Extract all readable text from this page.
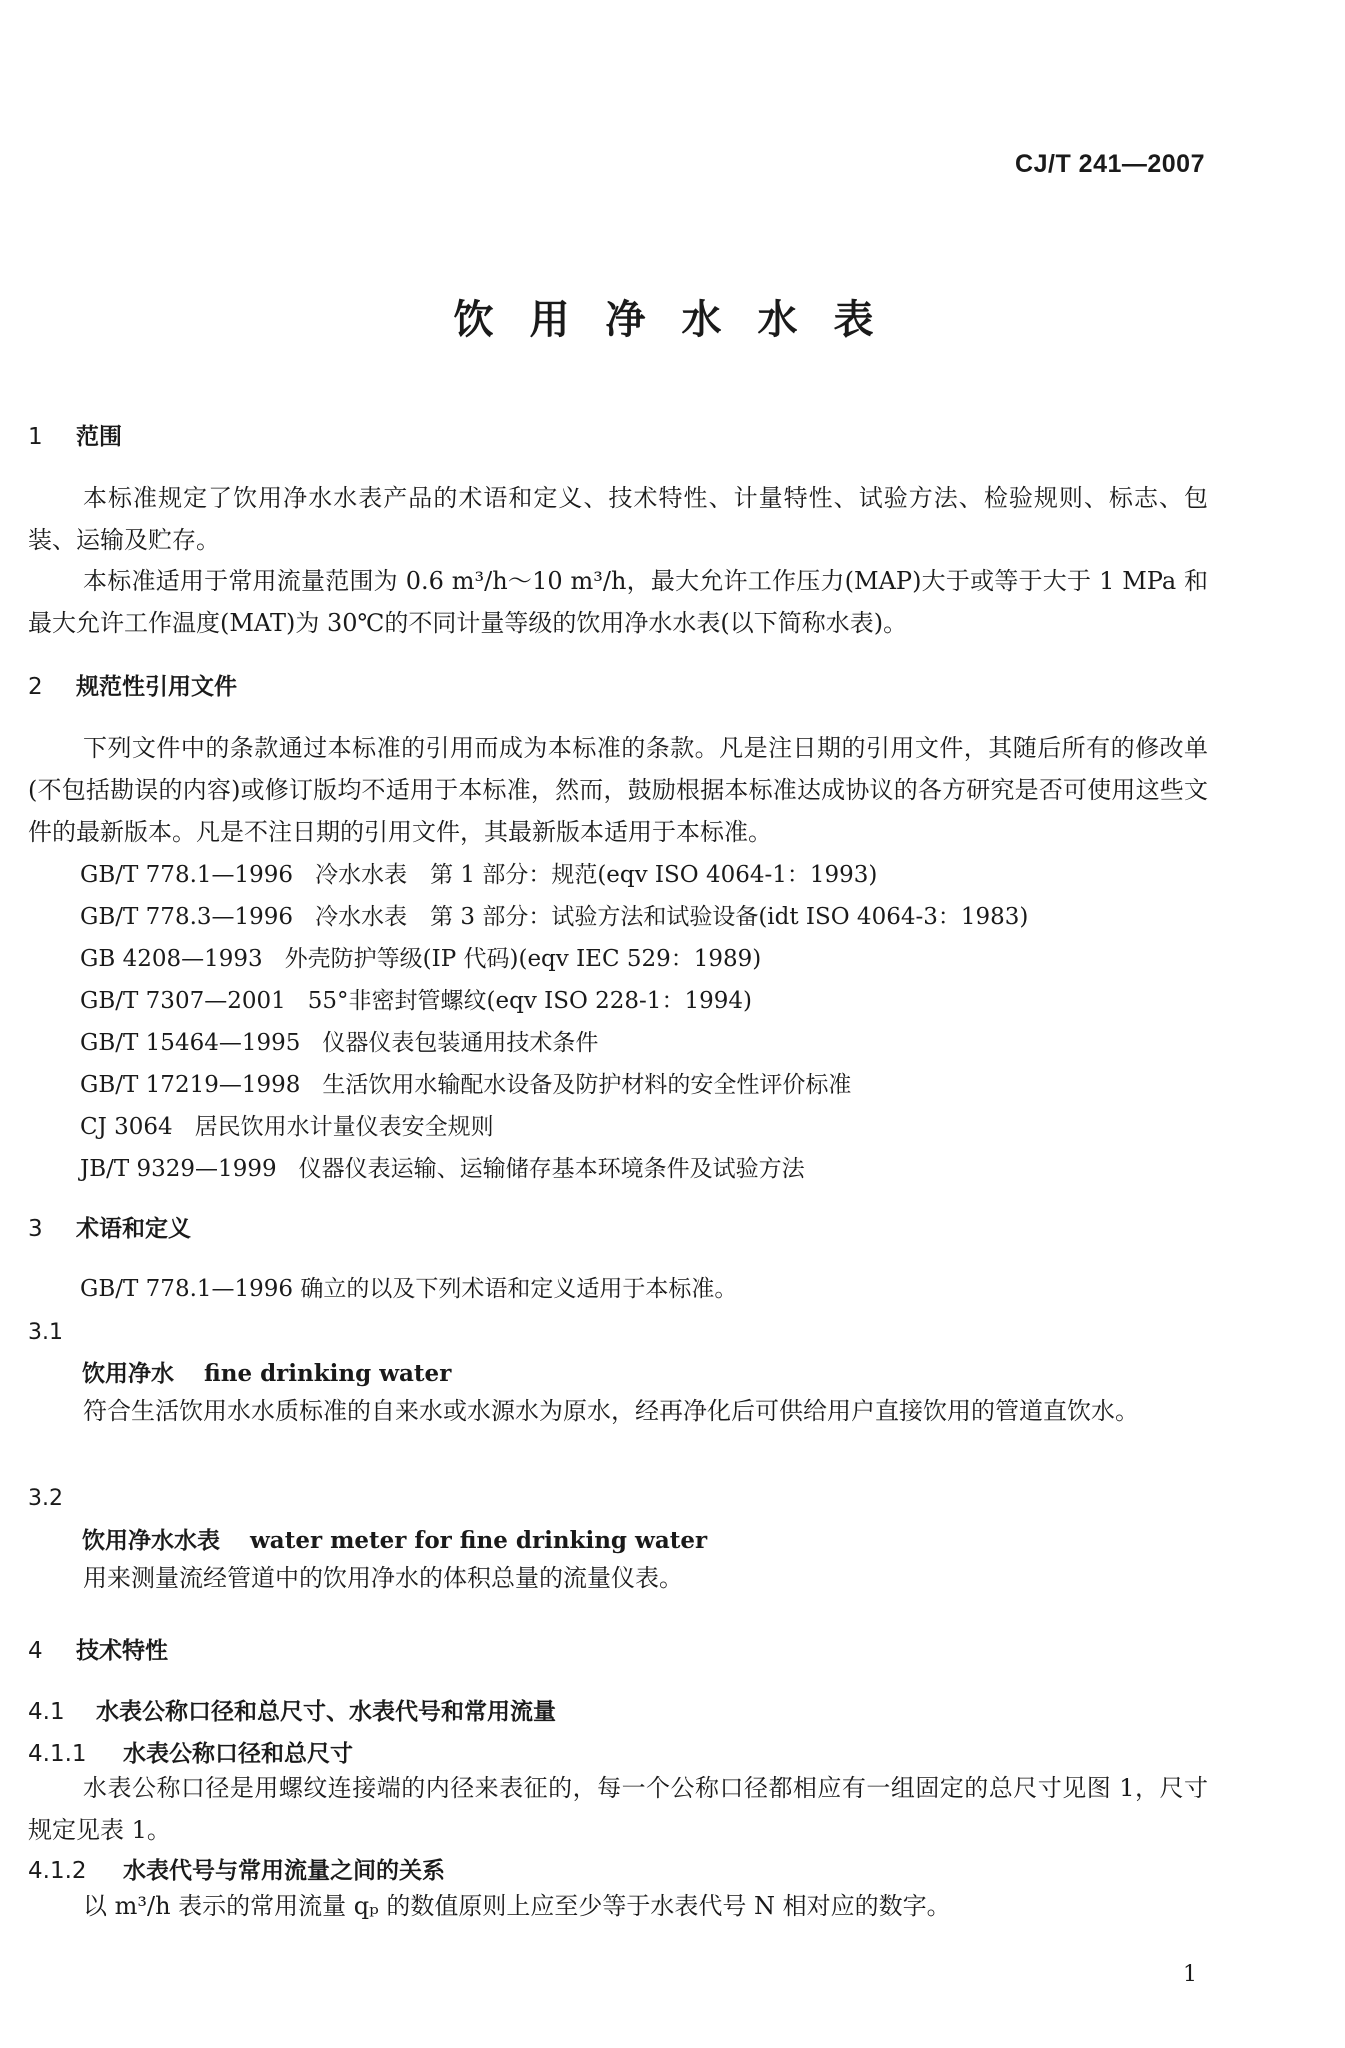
CJ/T 241—2007
饮用净水水表
1 范围
本标准规定了饮用净水水表产品的术语和定义、技术特性、计量特性、试验方法、检验规则、标志、包装、运输及贮存。
本标准适用于常用流量范围为 0.6 m³/h～10 m³/h，最大允许工作压力(MAP)大于或等于大于 1 MPa 和最大允许工作温度(MAT)为 30℃的不同计量等级的饮用净水水表(以下简称水表)。
2 规范性引用文件
下列文件中的条款通过本标准的引用而成为本标准的条款。凡是注日期的引用文件，其随后所有的修改单(不包括勘误的内容)或修订版均不适用于本标准，然而，鼓励根据本标准达成协议的各方研究是否可使用这些文件的最新版本。凡是不注日期的引用文件，其最新版本适用于本标准。
GB/T 778.1—1996 冷水水表　第 1 部分：规范(eqv ISO 4064-1：1993)
GB/T 778.3—1996 冷水水表　第 3 部分：试验方法和试验设备(idt ISO 4064-3：1983)
GB 4208—1993 外壳防护等级(IP 代码)(eqv IEC 529：1989)
GB/T 7307—2001 55°非密封管螺纹(eqv ISO 228-1：1994)
GB/T 15464—1995 仪器仪表包装通用技术条件
GB/T 17219—1998 生活饮用水输配水设备及防护材料的安全性评价标准
CJ 3064 居民饮用水计量仪表安全规则
JB/T 9329—1999 仪器仪表运输、运输储存基本环境条件及试验方法
3 术语和定义
GB/T 778.1—1996 确立的以及下列术语和定义适用于本标准。
3.1
饮用净水 fine drinking water
符合生活饮用水水质标准的自来水或水源水为原水，经再净化后可供给用户直接饮用的管道直饮水。
3.2
饮用净水水表 water meter for fine drinking water
用来测量流经管道中的饮用净水的体积总量的流量仪表。
4 技术特性
4.1 水表公称口径和总尺寸、水表代号和常用流量
4.1.1 水表公称口径和总尺寸
水表公称口径是用螺纹连接端的内径来表征的，每一个公称口径都相应有一组固定的总尺寸见图 1，尺寸规定见表 1。
4.1.2 水表代号与常用流量之间的关系
以 m³/h 表示的常用流量 qₚ 的数值原则上应至少等于水表代号 N 相对应的数字。
1
